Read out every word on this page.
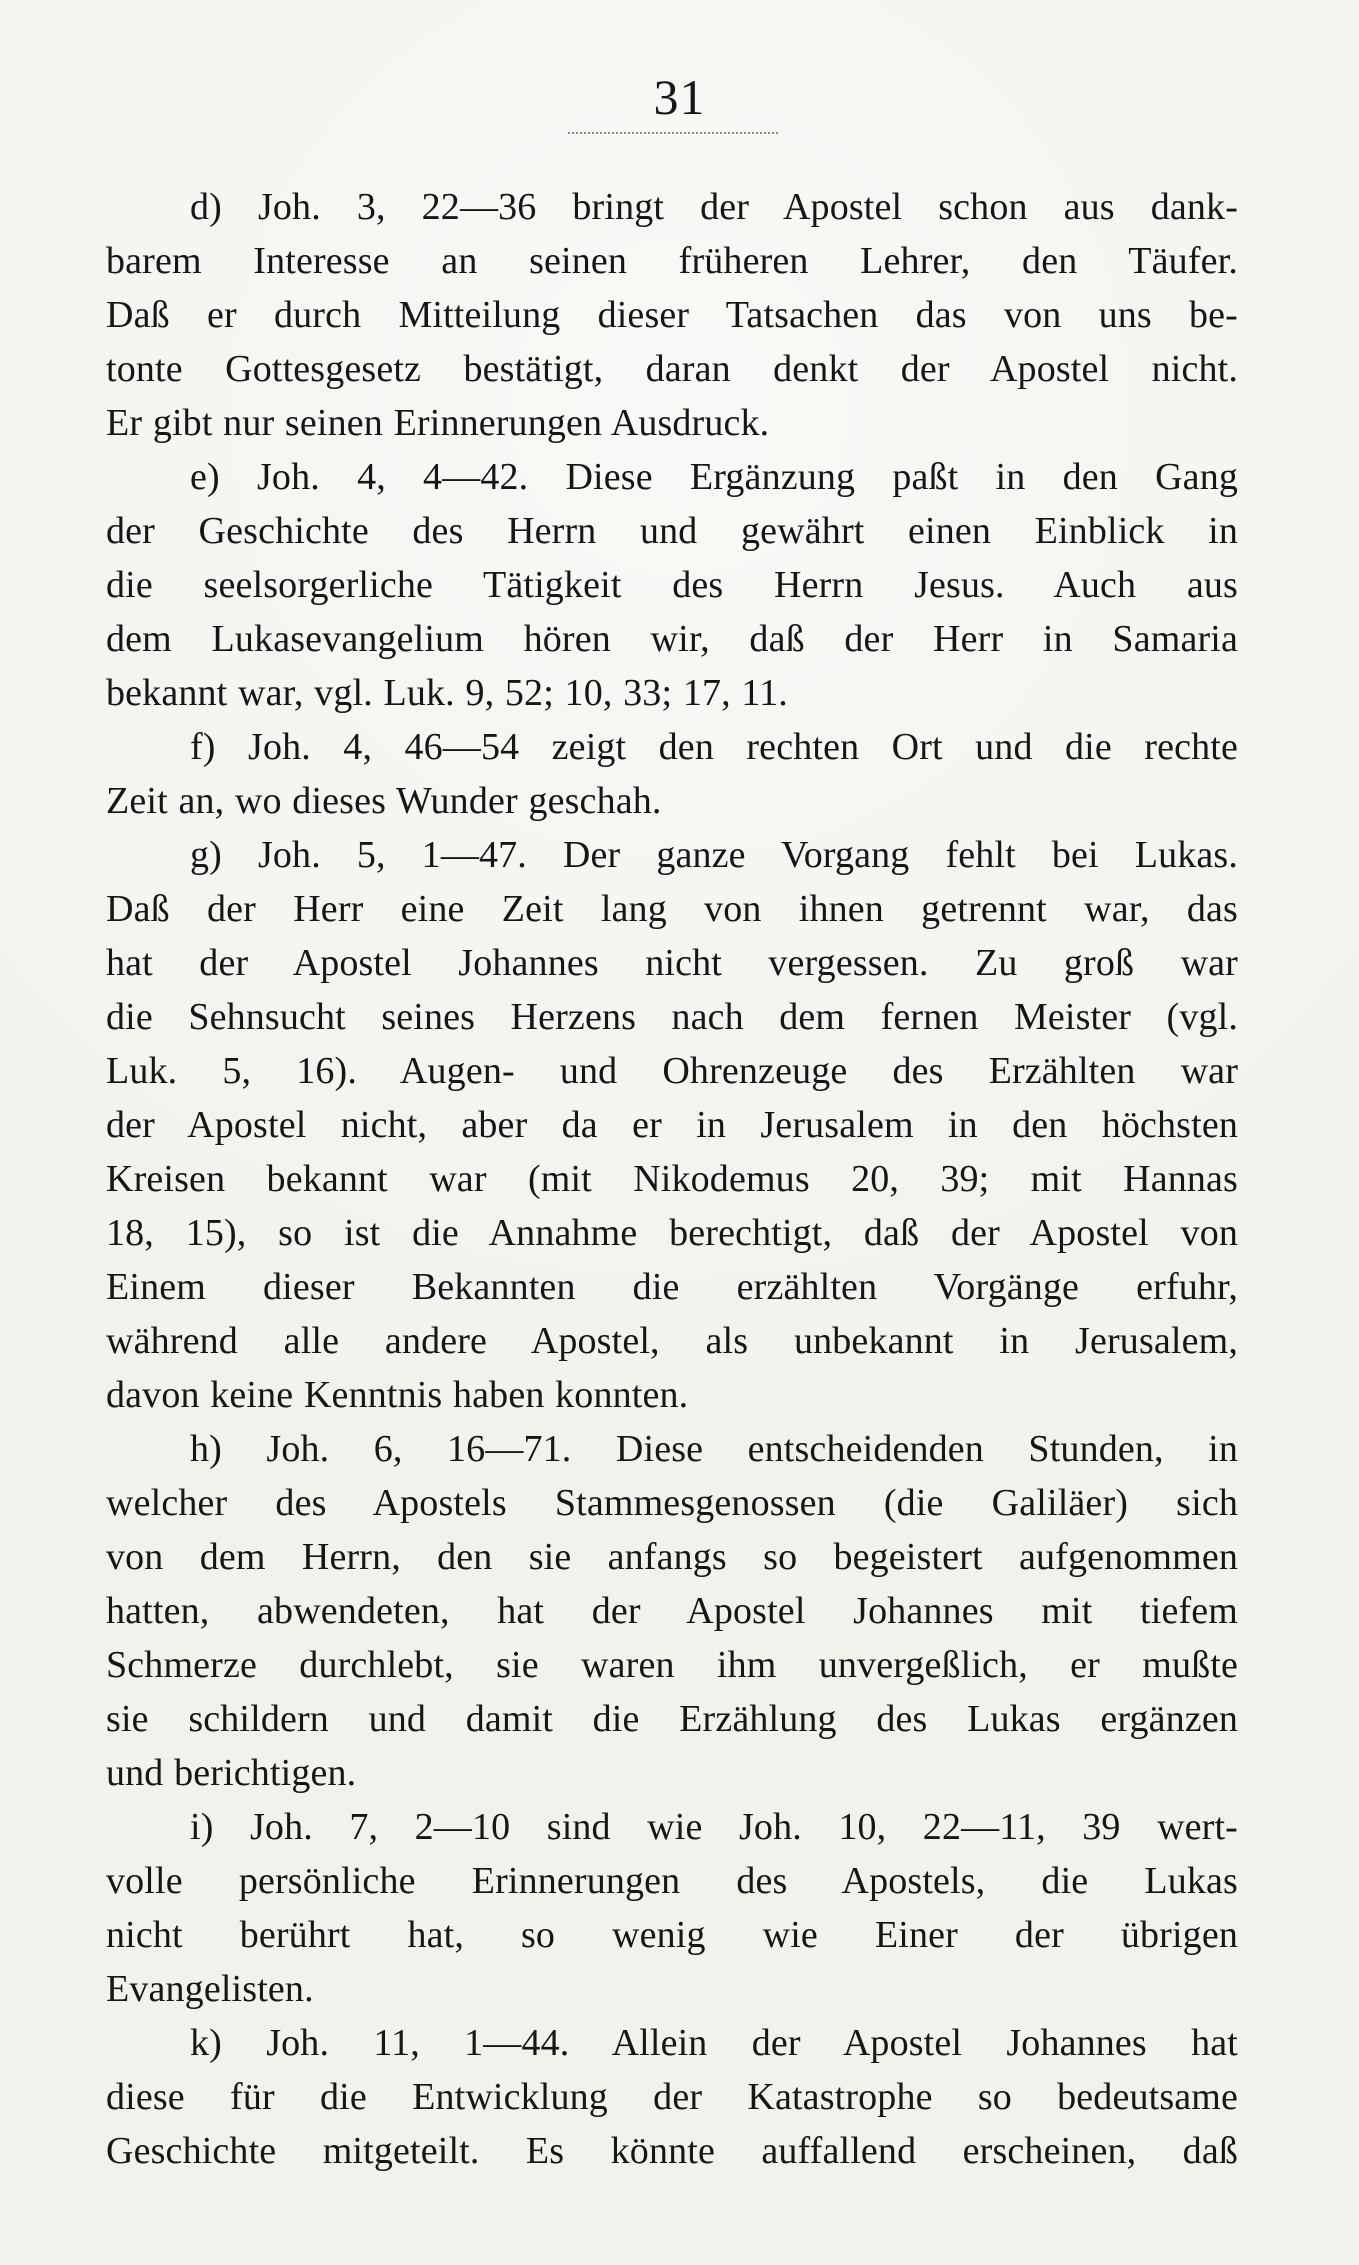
31
d) Joh. 3, 22—36 bringt der Apostel schon aus dank-
barem Interesse an seinen früheren Lehrer, den Täufer.
Daß er durch Mitteilung dieser Tatsachen das von uns be-
tonte Gottesgesetz bestätigt, daran denkt der Apostel nicht.
Er gibt nur seinen Erinnerungen Ausdruck.
e) Joh. 4, 4—42. Diese Ergänzung paßt in den Gang
der Geschichte des Herrn und gewährt einen Einblick in
die seelsorgerliche Tätigkeit des Herrn Jesus. Auch aus
dem Lukasevangelium hören wir, daß der Herr in Samaria
bekannt war, vgl. Luk. 9, 52; 10, 33; 17, 11.
f) Joh. 4, 46—54 zeigt den rechten Ort und die rechte
Zeit an, wo dieses Wunder geschah.
g) Joh. 5, 1—47. Der ganze Vorgang fehlt bei Lukas.
Daß der Herr eine Zeit lang von ihnen getrennt war, das
hat der Apostel Johannes nicht vergessen. Zu groß war
die Sehnsucht seines Herzens nach dem fernen Meister (vgl.
Luk. 5, 16). Augen- und Ohrenzeuge des Erzählten war
der Apostel nicht, aber da er in Jerusalem in den höchsten
Kreisen bekannt war (mit Nikodemus 20, 39; mit Hannas
18, 15), so ist die Annahme berechtigt, daß der Apostel von
Einem dieser Bekannten die erzählten Vorgänge erfuhr,
während alle andere Apostel, als unbekannt in Jerusalem,
davon keine Kenntnis haben konnten.
h) Joh. 6, 16—71. Diese entscheidenden Stunden, in
welcher des Apostels Stammesgenossen (die Galiläer) sich
von dem Herrn, den sie anfangs so begeistert aufgenommen
hatten, abwendeten, hat der Apostel Johannes mit tiefem
Schmerze durchlebt, sie waren ihm unvergeßlich, er mußte
sie schildern und damit die Erzählung des Lukas ergänzen
und berichtigen.
i) Joh. 7, 2—10 sind wie Joh. 10, 22—11, 39 wert-
volle persönliche Erinnerungen des Apostels, die Lukas
nicht berührt hat, so wenig wie Einer der übrigen
Evangelisten.
k) Joh. 11, 1—44. Allein der Apostel Johannes hat
diese für die Entwicklung der Katastrophe so bedeutsame
Geschichte mitgeteilt. Es könnte auffallend erscheinen, daß
